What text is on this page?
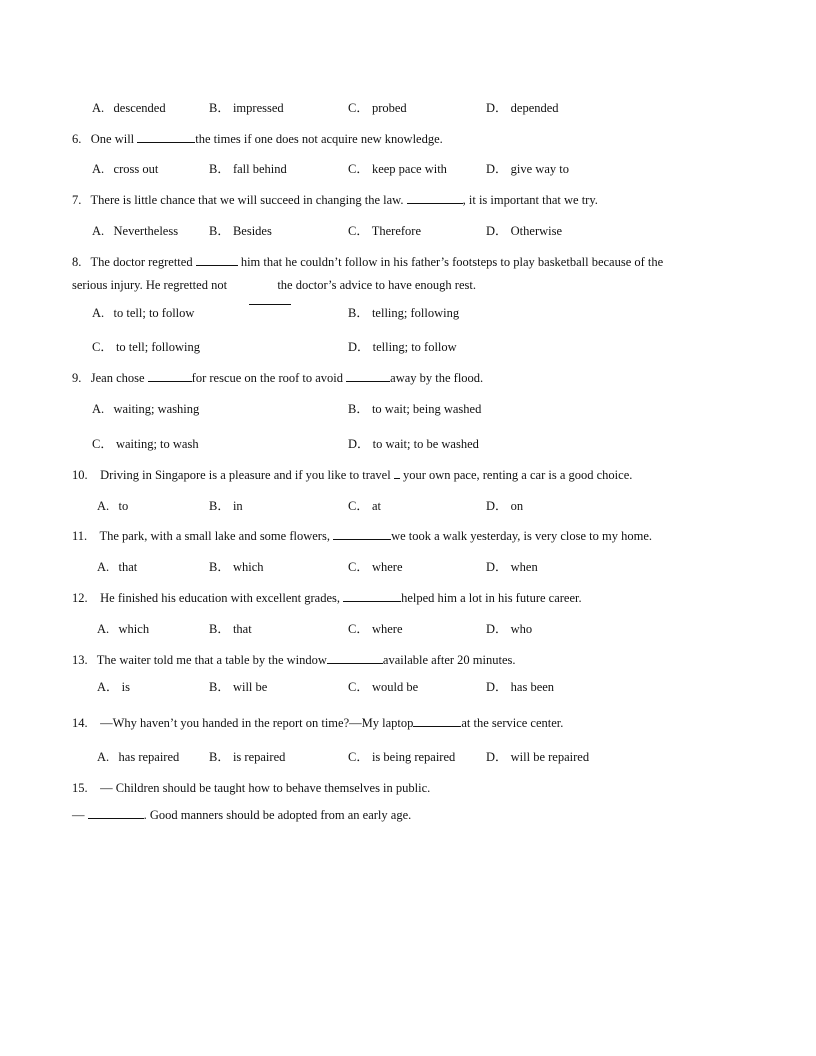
A.   descended	B． impressed	C． probed	D． depended
6. One will	the times if one does not acquire new knowledge.
A.   cross out	B． fall behind	C． keep pace with	D． give way to
7. There is little chance that we will succeed in changing the law.	, it is important that we try.
A.   Nevertheless B． Besides	C． Therefore	D． Otherwise
8. The doctor regretted	him that he couldn’t follow in his father’s footsteps to play basketball because of the
serious injury. He regretted not	the doctor’s advice to have enough rest.
A.   to tell; to follow	B． telling; following
C． to tell; following	D． telling; to follow
9. Jean chose	for rescue on the roof to avoid	away by the flood.
A.   waiting; washing	B． to wait; being washed
C． waiting; to wash	D． to wait; to be washed
10. Driving in Singapore is a pleasure and if you like to travel your own pace, renting a car is a good choice.
A.   to	B． in	C． at	D． on
11. The park, with a small lake and some flowers,	we took a walk yesterday, is very close to my home.
A.   that	B． which	C． where	D． when
12. He finished his education with excellent grades,	helped him a lot in his future career.
A.   which	B． that	C． where	D． who
13. The waiter told me that a table by the window	available after 20 minutes.
A． is	B． will be	C． would be	D． has been
14. —Why haven’t you handed in the report on time?—My laptop	at the service center.
A.   has repaired B． is repaired	C． is being repaired D． will be repaired
15. — Children should be taught how to behave themselves in public.
—	. Good manners should be adopted from an early age.
